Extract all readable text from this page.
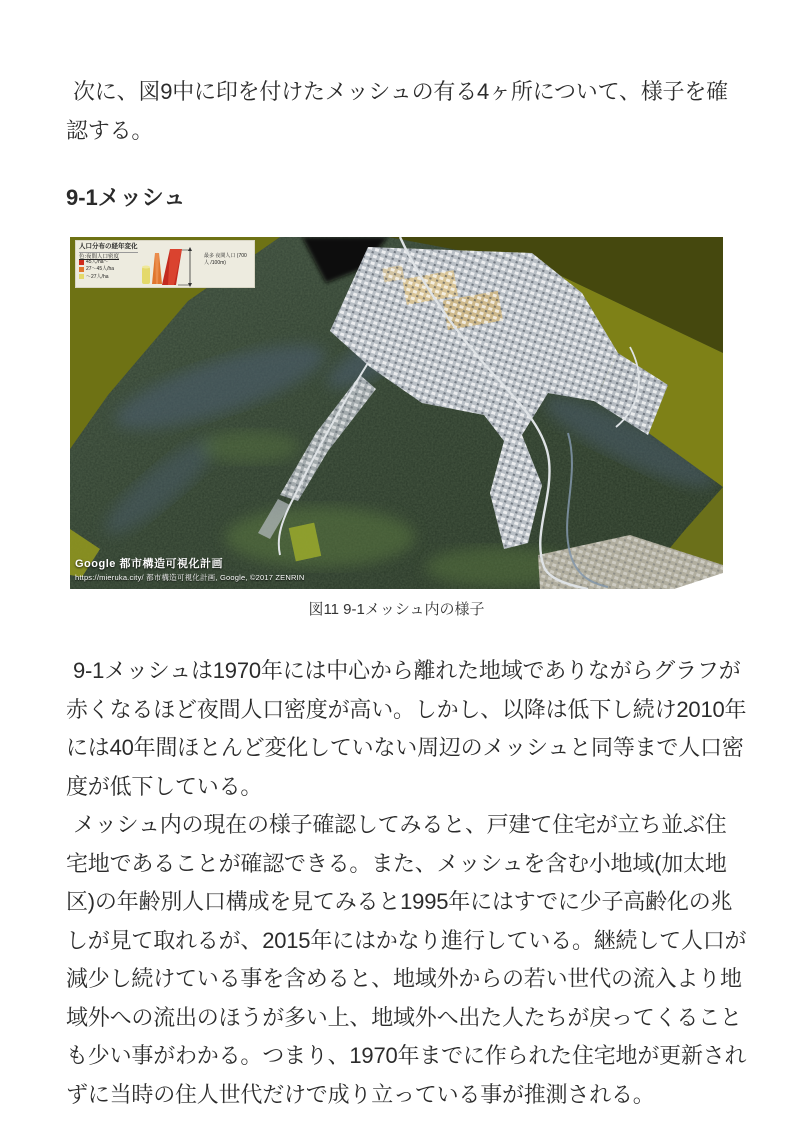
次に、図9中に印を付けたメッシュの有る4ヶ所について、様子を確認する。

9-1メッシュ
人口分布の経年変化
色:夜間人口密度
45人/ha〜
27〜45人/ha
〜27人/ha
最多 夜間人口 (700人 /100m)
Google 都市構造可視化計画
https://mieruka.city/ 都市構造可視化計画, Google, ©2017 ZENRIN
図11 9-1メッシュ内の様子

9-1メッシュは1970年には中心から離れた地域でありながらグラフが赤くなるほど夜間人口密度が高い。しかし、以降は低下し続け2010年には40年間ほとんど変化していない周辺のメッシュと同等まで人口密度が低下している。

メッシュ内の現在の様子確認してみると、戸建て住宅が立ち並ぶ住宅地であることが確認できる。また、メッシュを含む小地域(加太地区)の年齢別人口構成を見てみると1995年にはすでに少子高齢化の兆しが見て取れるが、2015年にはかなり進行している。継続して人口が減少し続けている事を含めると、地域外からの若い世代の流入より地域外への流出のほうが多い上、地域外へ出た人たちが戻ってくることも少い事がわかる。つまり、1970年までに作られた住宅地が更新されずに当時の住人世代だけで成り立っている事が推測される。
